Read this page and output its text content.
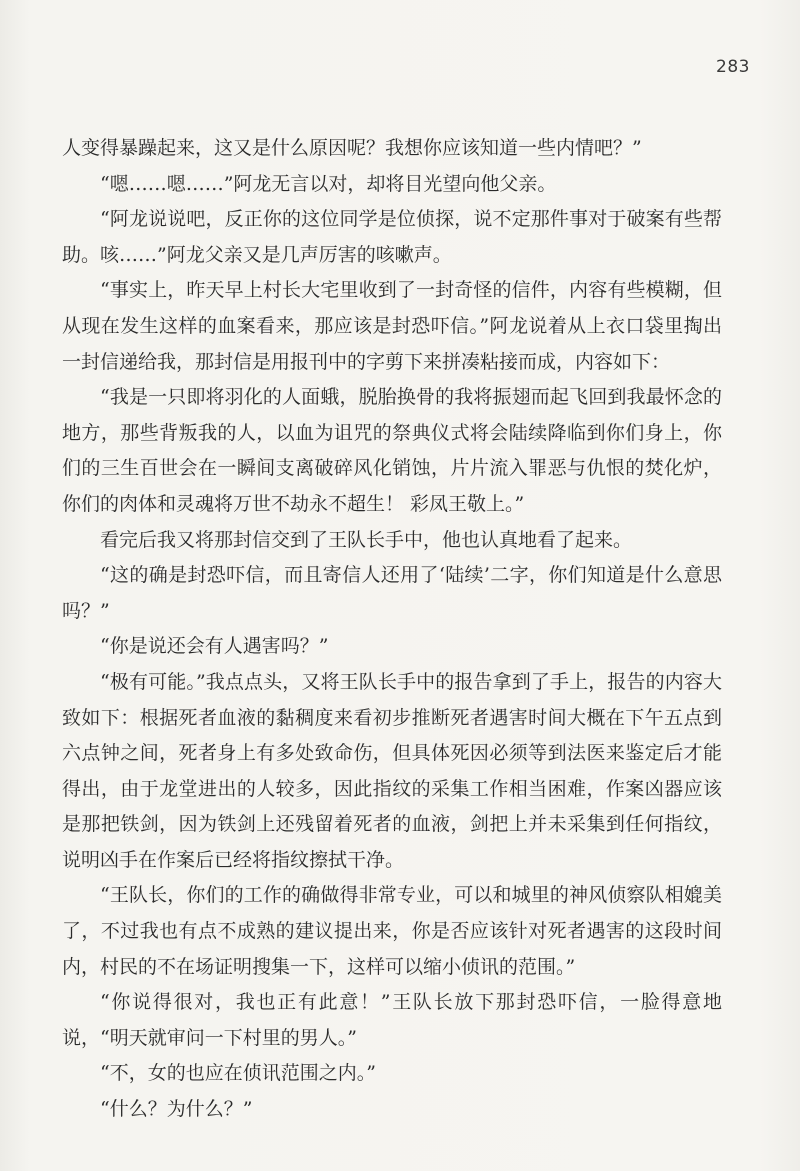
283

人变得暴躁起来，这又是什么原因呢？我想你应该知道一些内情吧？”

“嗯……嗯……”阿龙无言以对，却将目光望向他父亲。

“阿龙说说吧，反正你的这位同学是位侦探，说不定那件事对于破案有些帮助。咳……”阿龙父亲又是几声厉害的咳嗽声。

“事实上，昨天早上村长大宅里收到了一封奇怪的信件，内容有些模糊，但从现在发生这样的血案看来，那应该是封恐吓信。”阿龙说着从上衣口袋里掏出一封信递给我，那封信是用报刊中的字剪下来拼凑粘接而成，内容如下：

“我是一只即将羽化的人面蛾，脱胎换骨的我将振翅而起飞回到我最怀念的地方，那些背叛我的人，以血为诅咒的祭典仪式将会陆续降临到你们身上，你们的三生百世会在一瞬间支离破碎风化销蚀，片片流入罪恶与仇恨的焚化炉，你们的肉体和灵魂将万世不劫永不超生！ 彩凤王敬上。”

看完后我又将那封信交到了王队长手中，他也认真地看了起来。

“这的确是封恐吓信，而且寄信人还用了‘陆续’二字，你们知道是什么意思吗？”

“你是说还会有人遇害吗？”

“极有可能。”我点点头，又将王队长手中的报告拿到了手上，报告的内容大致如下：根据死者血液的黏稠度来看初步推断死者遇害时间大概在下午五点到六点钟之间，死者身上有多处致命伤，但具体死因必须等到法医来鉴定后才能得出，由于龙堂进出的人较多，因此指纹的采集工作相当困难，作案凶器应该是那把铁剑，因为铁剑上还残留着死者的血液，剑把上并未采集到任何指纹，说明凶手在作案后已经将指纹擦拭干净。

“王队长，你们的工作的确做得非常专业，可以和城里的神风侦察队相媲美了，不过我也有点不成熟的建议提出来，你是否应该针对死者遇害的这段时间内，村民的不在场证明搜集一下，这样可以缩小侦讯的范围。”

“你说得很对，我也正有此意！”王队长放下那封恐吓信，一脸得意地说，“明天就审问一下村里的男人。”

“不，女的也应在侦讯范围之内。”

“什么？为什么？”
